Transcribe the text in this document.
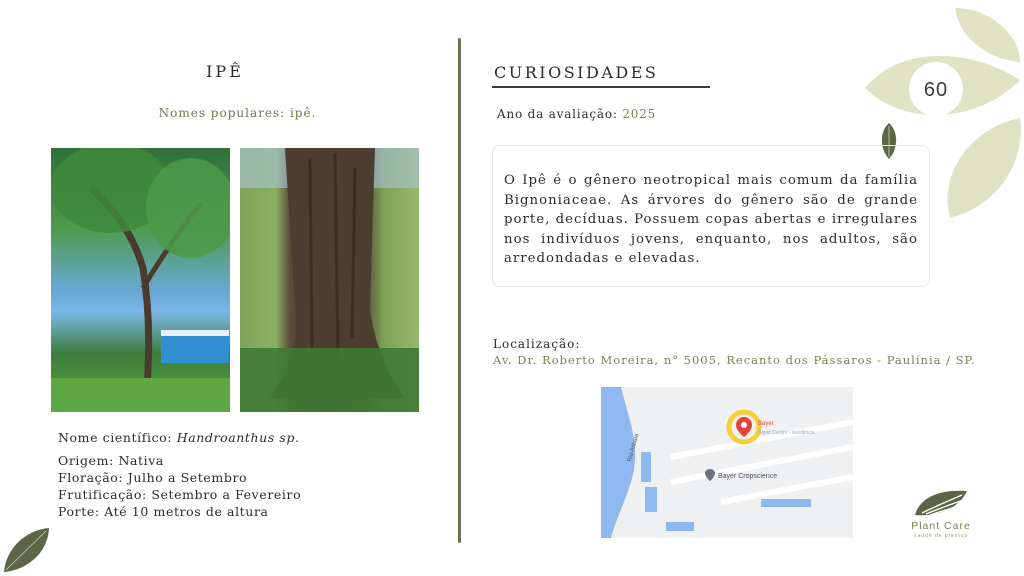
60
IPÊ
Nomes populares: ipê.
Nome científico: Handroanthus sp.
Origem: Nativa
Floração: Julho a Setembro
Frutificação: Setembro a Fevereiro
Porte: Até 10 metros de altura
CURIOSIDADES
Ano da avaliação: 2025

O Ipê é o gênero neotropical mais comum da família Bignoniaceae. As árvores do gênero são de grande porte, decíduas. Possuem copas abertas e irregulares nos indivíduos jovens, enquanto, nos adultos, são arredondadas e elevadas.

Localização:
Av. Dr. Roberto Moreira, n° 5005, Recanto dos Pássaros - Paulínia / SP.
Rio Atibaia
Bayer
Bayer Centro - residência
Bayer Cropscience
Plant Care
saúde de plantas
